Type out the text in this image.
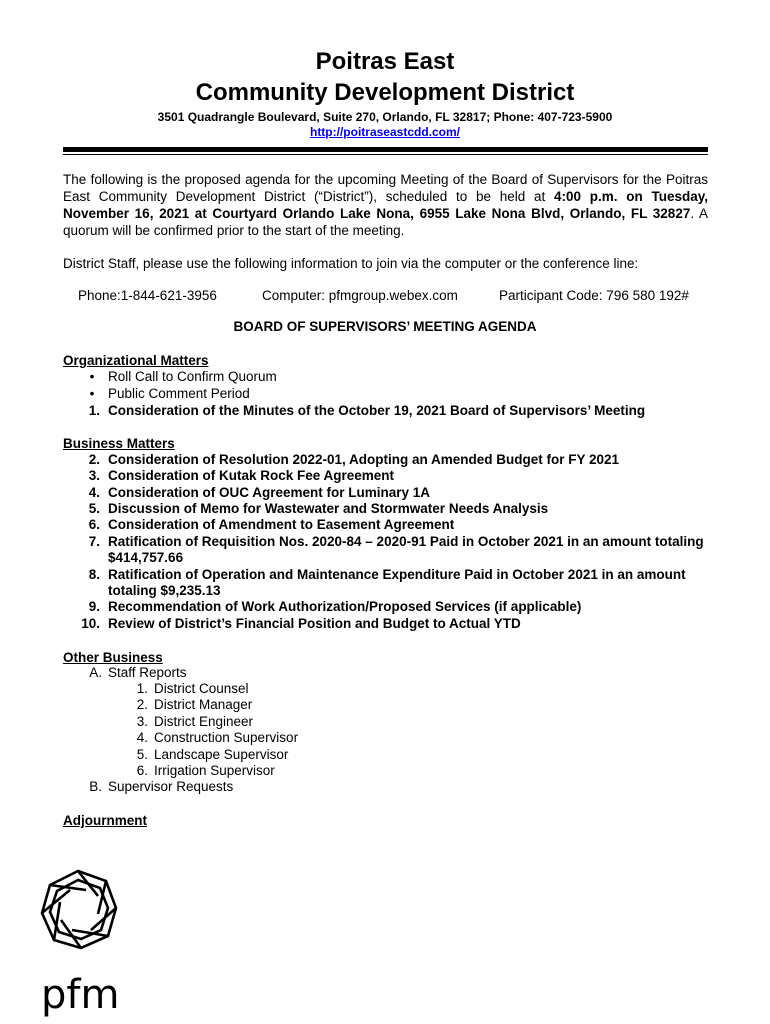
Poitras East
Community Development District
3501 Quadrangle Boulevard, Suite 270, Orlando, FL 32817; Phone: 407-723-5900
http://poitraseastcdd.com/
The following is the proposed agenda for the upcoming Meeting of the Board of Supervisors for the Poitras East Community Development District (“District”), scheduled to be held at 4:00 p.m. on Tuesday, November 16, 2021 at Courtyard Orlando Lake Nona, 6955 Lake Nona Blvd, Orlando, FL 32827. A quorum will be confirmed prior to the start of the meeting.
District Staff, please use the following information to join via the computer or the conference line:
Phone:1-844-621-3956	Computer: pfmgroup.webex.com	Participant Code: 796 580 192#
BOARD OF SUPERVISORS’ MEETING AGENDA
Organizational Matters
•	Roll Call to Confirm Quorum
•	Public Comment Period
1. Consideration of the Minutes of the October 19, 2021 Board of Supervisors’ Meeting
Business Matters
2. Consideration of Resolution 2022-01, Adopting an Amended Budget for FY 2021
3. Consideration of Kutak Rock Fee Agreement
4. Consideration of OUC Agreement for Luminary 1A
5. Discussion of Memo for Wastewater and Stormwater Needs Analysis
6. Consideration of Amendment to Easement Agreement
7. Ratification of Requisition Nos. 2020-84 – 2020-91 Paid in October 2021 in an amount totaling
$414,757.66
8. Ratification of Operation and Maintenance Expenditure Paid in October 2021 in an amount
totaling $9,235.13
9. Recommendation of Work Authorization/Proposed Services (if applicable)
10. Review of District’s Financial Position and Budget to Actual YTD
Other Business
A. Staff Reports
1. District Counsel
2. District Manager
3. District Engineer
4. Construction Supervisor
5. Landscape Supervisor
6. Irrigation Supervisor
B. Supervisor Requests
Adjournment
pfm
